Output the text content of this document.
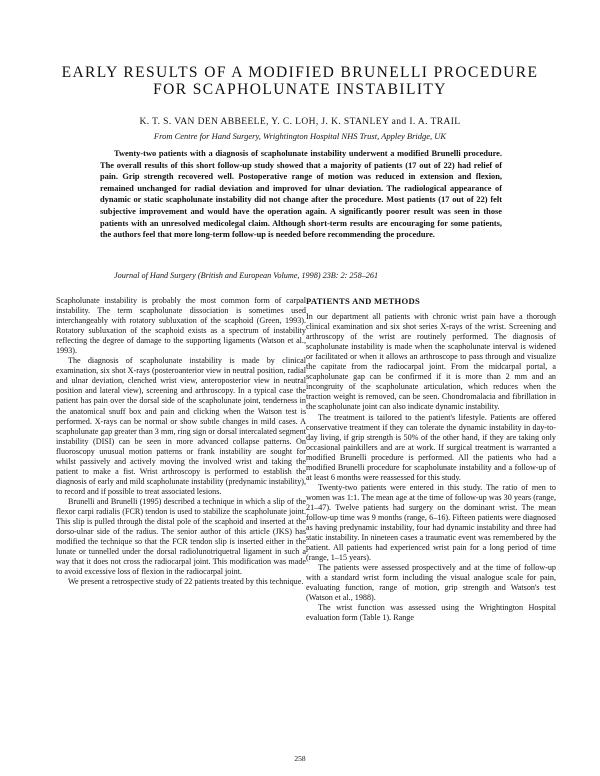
EARLY RESULTS OF A MODIFIED BRUNELLI PROCEDURE
FOR SCAPHOLUNATE INSTABILITY
K. T. S. VAN DEN ABBEELE, Y. C. LOH, J. K. STANLEY and I. A. TRAIL
From Centre for Hand Surgery, Wrightington Hospital NHS Trust, Appley Bridge, UK

Twenty-two patients with a diagnosis of scapholunate instability underwent a modified Brunelli procedure. The overall results of this short follow-up study showed that a majority of patients (17 out of 22) had relief of pain. Grip strength recovered well. Postoperative range of motion was reduced in extension and flexion, remained unchanged for radial deviation and improved for ulnar deviation. The radiological appearance of dynamic or static scapholunate instability did not change after the procedure. Most patients (17 out of 22) felt subjective improvement and would have the operation again. A significantly poorer result was seen in those patients with an unresolved medicolegal claim. Although short-term results are encouraging for some patients, the authors feel that more long-term follow-up is needed before recommending the procedure.

Journal of Hand Surgery (British and European Volume, 1998) 23B: 2: 258–261

Scapholunate instability is probably the most common form of carpal instability. The term scapholunate dissociation is sometimes used interchangeably with rotatory subluxation of the scaphoid (Green, 1993). Rotatory subluxation of the scaphoid exists as a spectrum of instability reflecting the degree of damage to the supporting ligaments (Watson et al., 1993).

The diagnosis of scapholunate instability is made by clinical examination, six shot X-rays (posteroanterior view in neutral position, radial and ulnar deviation, clenched wrist view, anteroposterior view in neutral position and lateral view), screening and arthroscopy. In a typical case the patient has pain over the dorsal side of the scapholunate joint, tenderness in the anatomical snuff box and pain and clicking when the Watson test is performed. X-rays can be normal or show subtle changes in mild cases. A scapholunate gap greater than 3 mm, ring sign or dorsal intercalated segment instability (DISI) can be seen in more advanced collapse patterns. On fluoroscopy unusual motion patterns or frank instability are sought for whilst passively and actively moving the involved wrist and taking the patient to make a fist. Wrist arthroscopy is performed to establish the diagnosis of early and mild scapholunate instability (predynamic instability), to record and if possible to treat associated lesions.

Brunelli and Brunelli (1995) described a technique in which a slip of the flexor carpi radialis (FCR) tendon is used to stabilize the scapholunate joint. This slip is pulled through the distal pole of the scaphoid and inserted at the dorso-ulnar side of the radius. The senior author of this article (JKS) has modified the technique so that the FCR tendon slip is inserted either in the lunate or tunnelled under the dorsal radiolunotriquetral ligament in such a way that it does not cross the radiocarpal joint. This modification was made to avoid excessive loss of flexion in the radiocarpal joint.

We present a retrospective study of 22 patients treated by this technique.

PATIENTS AND METHODS

In our department all patients with chronic wrist pain have a thorough clinical examination and six shot series X-rays of the wrist. Screening and arthroscopy of the wrist are routinely performed. The diagnosis of scapholunate instability is made when the scapholunate interval is widened or facilitated or when it allows an arthroscope to pass through and visualize the capitate from the radiocarpal joint. From the midcarpal portal, a scapholunate gap can be confirmed if it is more than 2 mm and an incongruity of the scapholunate articulation, which reduces when the traction weight is removed, can be seen. Chondromalacia and fibrillation in the scapholunate joint can also indicate dynamic instability.

The treatment is tailored to the patient's lifestyle. Patients are offered conservative treatment if they can tolerate the dynamic instability in day-to-day living, if grip strength is 50% of the other hand, if they are taking only occasional painkillers and are at work. If surgical treatment is warranted a modified Brunelli procedure is performed. All the patients who had a modified Brunelli procedure for scapholunate instability and a follow-up of at least 6 months were reassessed for this study.

Twenty-two patients were entered in this study. The ratio of men to women was 1:1. The mean age at the time of follow-up was 30 years (range, 21–47). Twelve patients had surgery on the dominant wrist. The mean follow-up time was 9 months (range, 6–16). Fifteen patients were diagnosed as having predynamic instability, four had dynamic instability and three had static instability. In nineteen cases a traumatic event was remembered by the patient. All patients had experienced wrist pain for a long period of time (range, 1–15 years).

The patients were assessed prospectively and at the time of follow-up with a standard wrist form including the visual analogue scale for pain, evaluating function, range of motion, grip strength and Watson's test (Watson et al., 1988).

The wrist function was assessed using the Wrightington Hospital evaluation form (Table 1). Range

258
